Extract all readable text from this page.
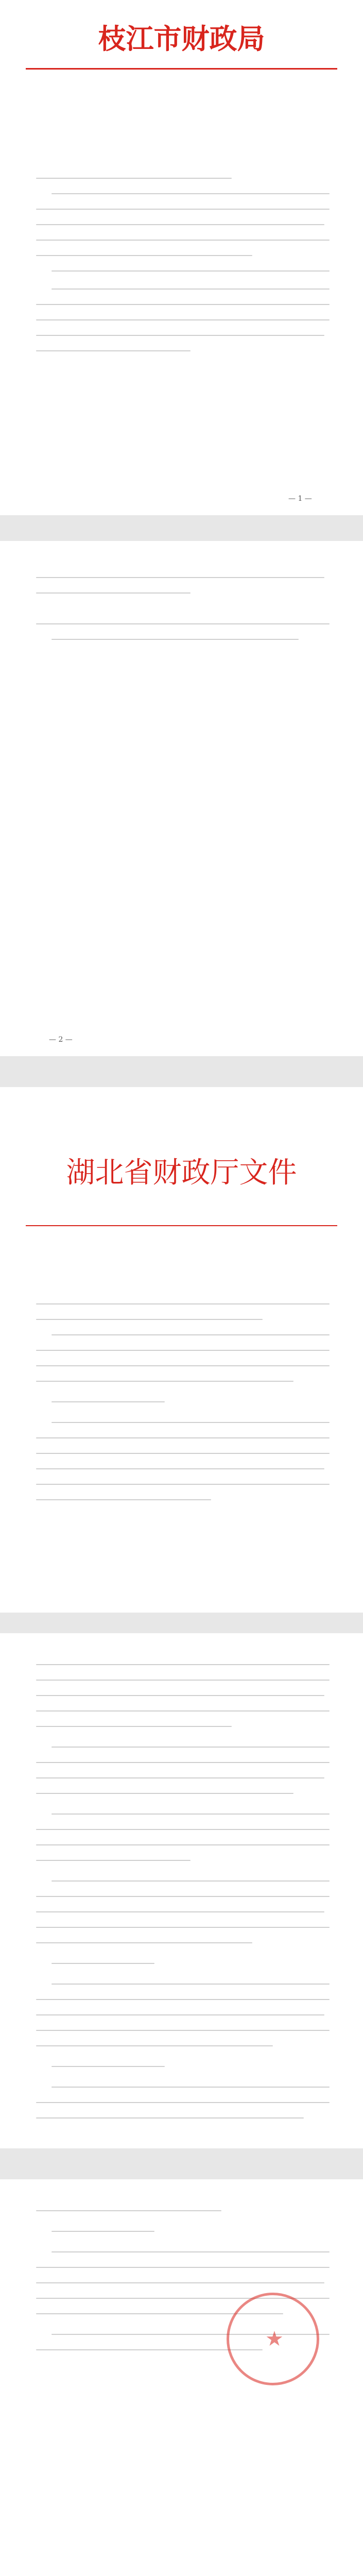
枝江市财政局
— 1 —
— 2 —
湖北省财政厅文件
★
